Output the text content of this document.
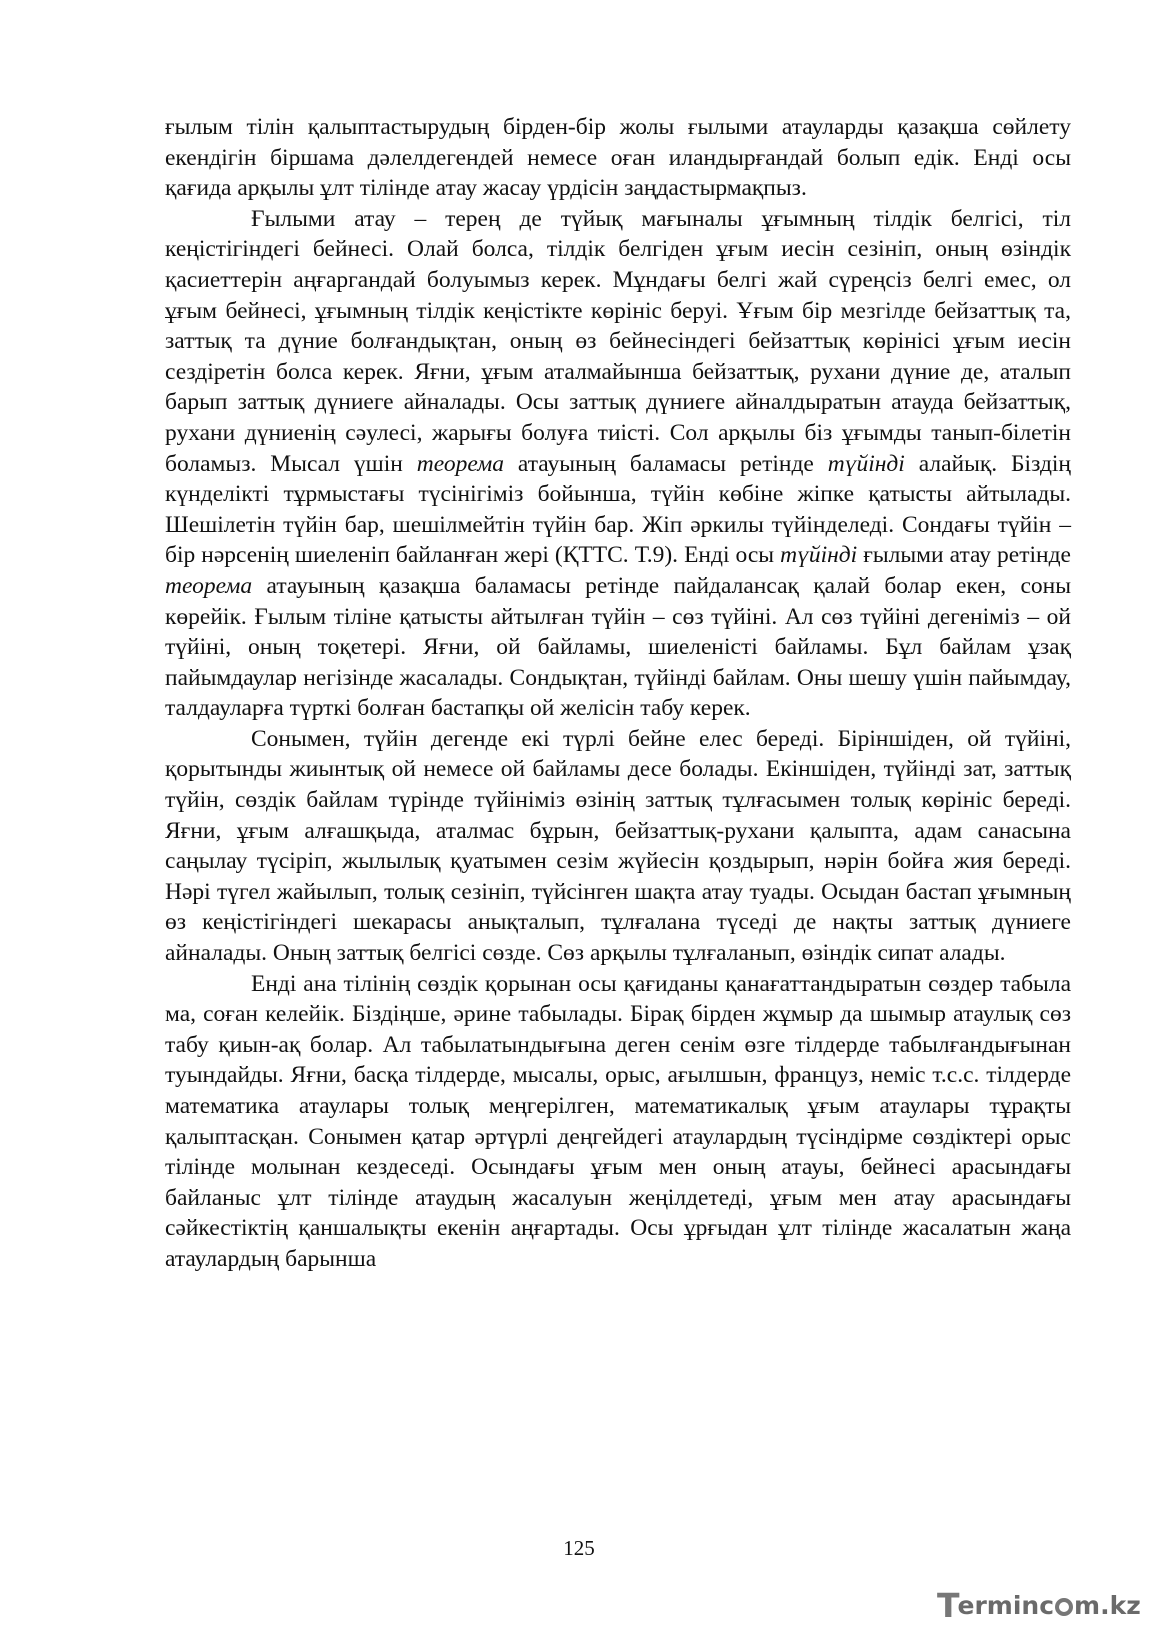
ғылым тілін қалыптастырудың бірден-бір жолы ғылыми атауларды қазақша сөйлету екендігін біршама дәлелдегендей немесе оған иландырғандай болып едік. Енді осы қағида арқылы ұлт тілінде атау жасау үрдісін заңдастырмақпыз.

Ғылыми атау – терең де түйық мағыналы ұғымның тілдік белгісі, тіл кеңістігіндегі бейнесі. Олай болса, тілдік белгіден ұғым иесін сезініп, оның өзіндік қасиеттерін аңғаргандай болуымыз керек. Мұндағы белгі жай сүреңсіз белгі емес, ол ұғым бейнесі, ұғымның тілдік кеңістікте көрініс беруі. Ұғым бір мезгілде бейзаттық та, заттық та дүние болғандықтан, оның өз бейнесіндегі бейзаттық көрінісі ұғым иесін сездіретін болса керек. Яғни, ұғым аталмайынша бейзаттық, рухани дүние де, аталып барып заттық дүниеге айналады. Осы заттық дүниеге айналдыратын атауда бейзаттық, рухани дүниенің сәулесі, жарығы болуға тиісті. Сол арқылы біз ұғымды танып-білетін боламыз. Мысал үшін теорема атауының баламасы ретінде түйінді алайық. Біздің күнделікті тұрмыстағы түсінігіміз бойынша, түйін көбіне жіпке қатысты айтылады. Шешілетін түйін бар, шешілмейтін түйін бар. Жіп әркилы түйінделеді. Сондағы түйін – бір нәрсенің шиеленіп байланған жері (ҚТТС. Т.9). Енді осы түйінді ғылыми атау ретінде теорема атауының қазақша баламасы ретінде пайдалансақ қалай болар екен, соны көрейік. Ғылым тіліне қатысты айтылған түйін – сөз түйіні. Ал сөз түйіні дегеніміз – ой түйіні, оның тоқетері. Яғни, ой байламы, шиеленісті байламы. Бұл байлам ұзақ пайымдаулар негізінде жасалады. Сондықтан, түйінді байлам. Оны шешу үшін пайымдау, талдауларға түрткі болған бастапқы ой желісін табу керек.

Сонымен, түйін дегенде екі түрлі бейне елес береді. Біріншіден, ой түйіні, қорытынды жиынтық ой немесе ой байламы десе болады. Екіншіден, түйінді зат, заттық түйін, сөздік байлам түрінде түйініміз өзінің заттық тұлғасымен толық көрініс береді. Яғни, ұғым алғашқыда, аталмас бұрын, бейзаттық-рухани қалыпта, адам санасына саңылау түсіріп, жылылық қуатымен сезім жүйесін қоздырып, нәрін бойға жия береді. Нәрі түгел жайылып, толық сезініп, түйсінген шақта атау туады. Осыдан бастап ұғымның өз кеңістігіндегі шекарасы анықталып, тұлғалана түседі де нақты заттық дүниеге айналады. Оның заттық белгісі сөзде. Сөз арқылы тұлғаланып, өзіндік сипат алады.

Енді ана тілінің сөздік қорынан осы қағиданы қанағаттандыратын сөздер табыла ма, соған келейік. Біздіңше, әрине табылады. Бірақ бірден жұмыр да шымыр атаулық сөз табу қиын-ақ болар. Ал табылатындығына деген сенім өзге тілдерде табылғандығынан туындайды. Яғни, басқа тілдерде, мысалы, орыс, ағылшын, француз, неміс т.с.с. тілдерде математика атаулары толық меңгерілген, математикалық ұғым атаулары тұрақты қалыптасқан. Сонымен қатар әртүрлі деңгейдегі атаулардың түсіндірме сөздіктері орыс тілінде молынан кездеседі. Осындағы ұғым мен оның атауы, бейнесі арасындағы байланыс ұлт тілінде атаудың жасалуын жеңілдетеді, ұғым мен атау арасындағы сәйкестіктің қаншалықты екенін аңғартады. Осы ұрғыдан ұлт тілінде жасалатын жаңа атаулардың барынша

125
T
erminc m.kz
